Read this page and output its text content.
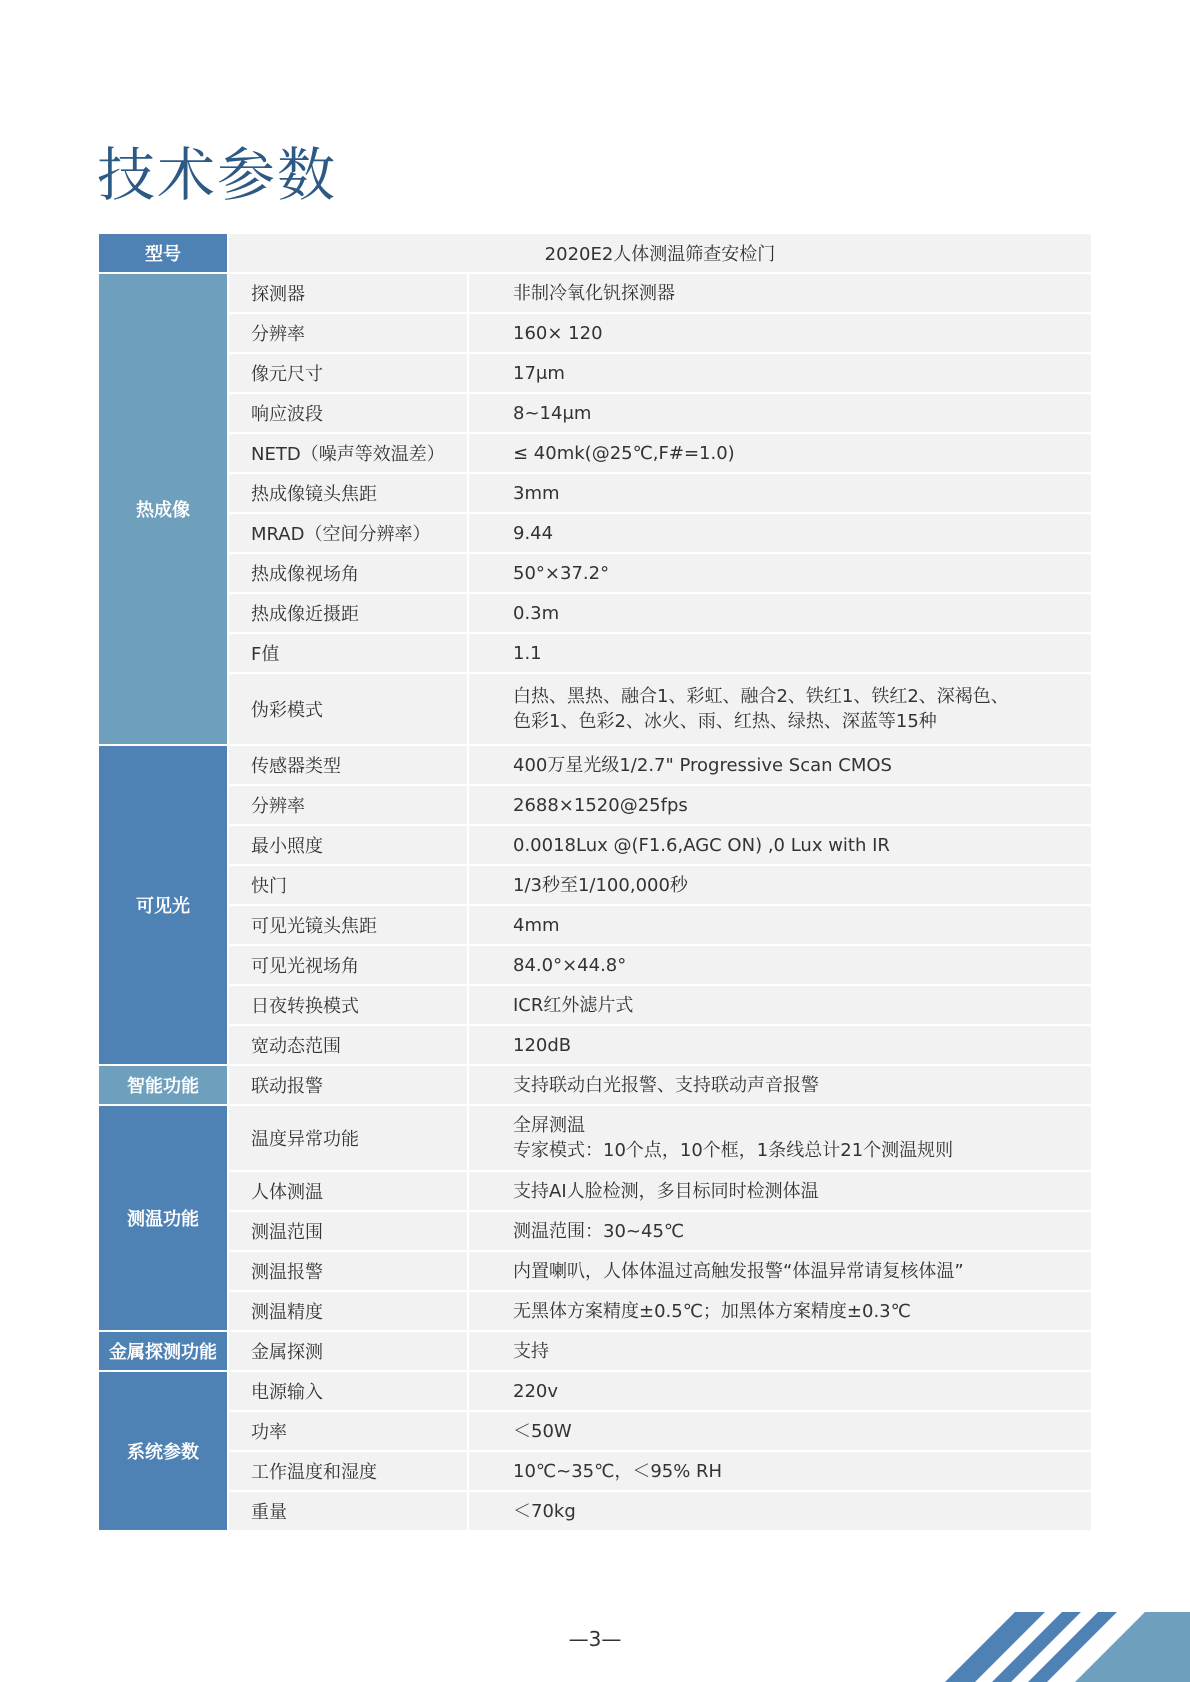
技术参数
型号	2020E2人体测温筛查安检门	
热成像	探测器	非制冷氧化钒探测器
	分辨率	160× 120
	像元尺寸	17μm
	响应波段	8~14μm
	NETD（噪声等效温差）	≤ 40mk(@25℃,F#=1.0)
	热成像镜头焦距	3mm
	MRAD（空间分辨率）	9.44
	热成像视场角	50°×37.2°
	热成像近摄距	0.3m
	F值	1.1
	伪彩模式	白热、黑热、融合1、彩虹、融合2、铁红1、铁红2、深褐色、
色彩1、色彩2、冰火、雨、红热、绿热、深蓝等15种

可见光	传感器类型	400万星光级1/2.7" Progressive Scan CMOS
	分辨率	2688×1520@25fps
	最小照度	0.0018Lux @(F1.6,AGC ON) ,0 Lux with IR
	快门	1/3秒至1/100,000秒
	可见光镜头焦距	4mm
	可见光视场角	84.0°×44.8°
	日夜转换模式	ICR红外滤片式
	宽动态范围	120dB
智能功能	联动报警	支持联动白光报警、支持联动声音报警
测温功能	温度异常功能	全屏测温
专家模式：10个点，10个框，1条线总计21个测温规则

	人体测温	支持AI人脸检测，多目标同时检测体温
	测温范围	测温范围：30~45℃
	测温报警	内置喇叭，人体体温过高触发报警“体温异常请复核体温”
	测温精度	无黑体方案精度±0.5℃；加黑体方案精度±0.3℃
金属探测功能	金属探测	支持
系统参数	电源输入	220v
	功率	＜50W
	工作温度和湿度	10℃~35℃，＜95% RH
	重量	＜70kg
—3—
